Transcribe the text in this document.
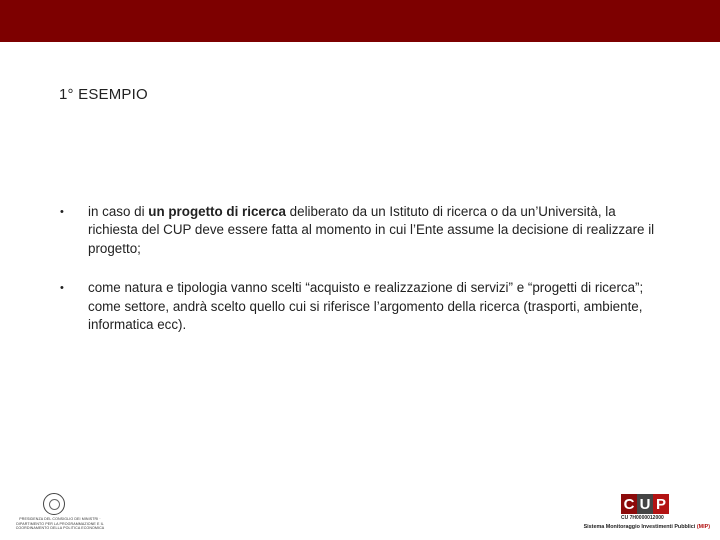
1° ESEMPIO
• in caso di un progetto di ricerca deliberato da un Istituto di ricerca o da un’Università, la richiesta del CUP deve essere fatta al momento in cui l’Ente assume la decisione di realizzare il progetto;
• come natura e tipologia vanno scelti “acquisto e realizzazione di servizi” e “progetti di ricerca”; come settore, andrà scelto quello cui si riferisce l’argomento della ricerca (trasporti, ambiente, informatica ecc).
PRESIDENZA DEL CONSIGLIO DEI MINISTRI · DIPARTIMENTO PER LA PROGRAMMAZIONE E IL COORDINAMENTO DELLA POLITICA ECONOMICA
C U P
CU 7H0000012000
Sistema Monitoraggio Investimenti Pubblici (MIP)
